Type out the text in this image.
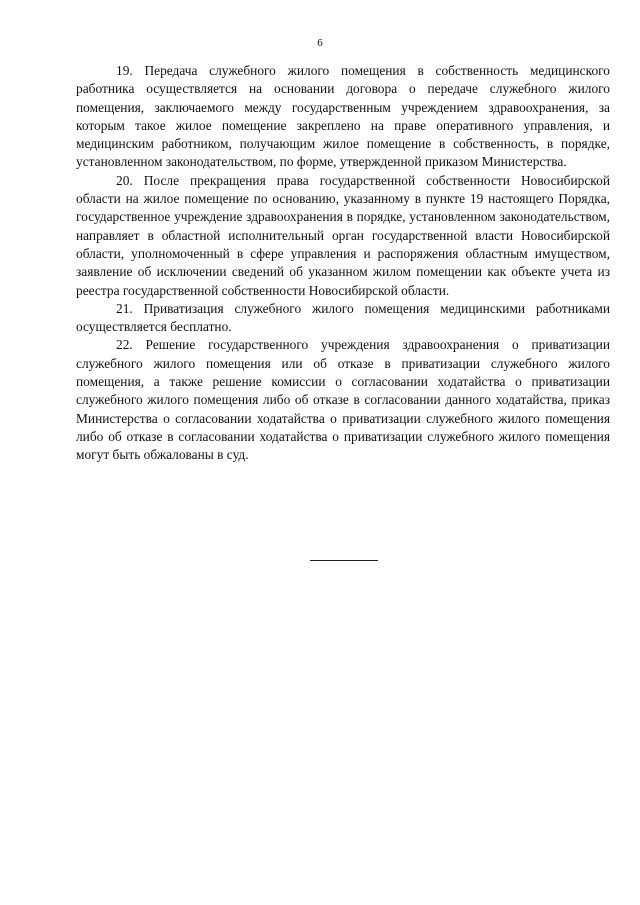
6

19. Передача служебного жилого помещения в собственность медицинского работника осуществляется на основании договора о передаче служебного жилого помещения, заключаемого между государственным учреждением здравоохранения, за которым такое жилое помещение закреплено на праве оперативного управления, и медицинским работником, получающим жилое помещение в собственность, в порядке, установленном законодательством, по форме, утвержденной приказом Министерства.

20. После прекращения права государственной собственности Новосибирской области на жилое помещение по основанию, указанному в пункте 19 настоящего Порядка, государственное учреждение здравоохранения в порядке, установленном законодательством, направляет в областной исполнительный орган государственной власти Новосибирской области, уполномоченный в сфере управления и распоряжения областным имуществом, заявление об исключении сведений об указанном жилом помещении как объекте учета из реестра государственной собственности Новосибирской области.

21. Приватизация служебного жилого помещения медицинскими работниками осуществляется бесплатно.

22. Решение государственного учреждения здравоохранения о приватизации служебного жилого помещения или об отказе в приватизации служебного жилого помещения, а также решение комиссии о согласовании ходатайства о приватизации служебного жилого помещения либо об отказе в согласовании данного ходатайства, приказ Министерства о согласовании ходатайства о приватизации служебного жилого помещения либо об отказе в согласовании ходатайства о приватизации служебного жилого помещения могут быть обжалованы в суд.
